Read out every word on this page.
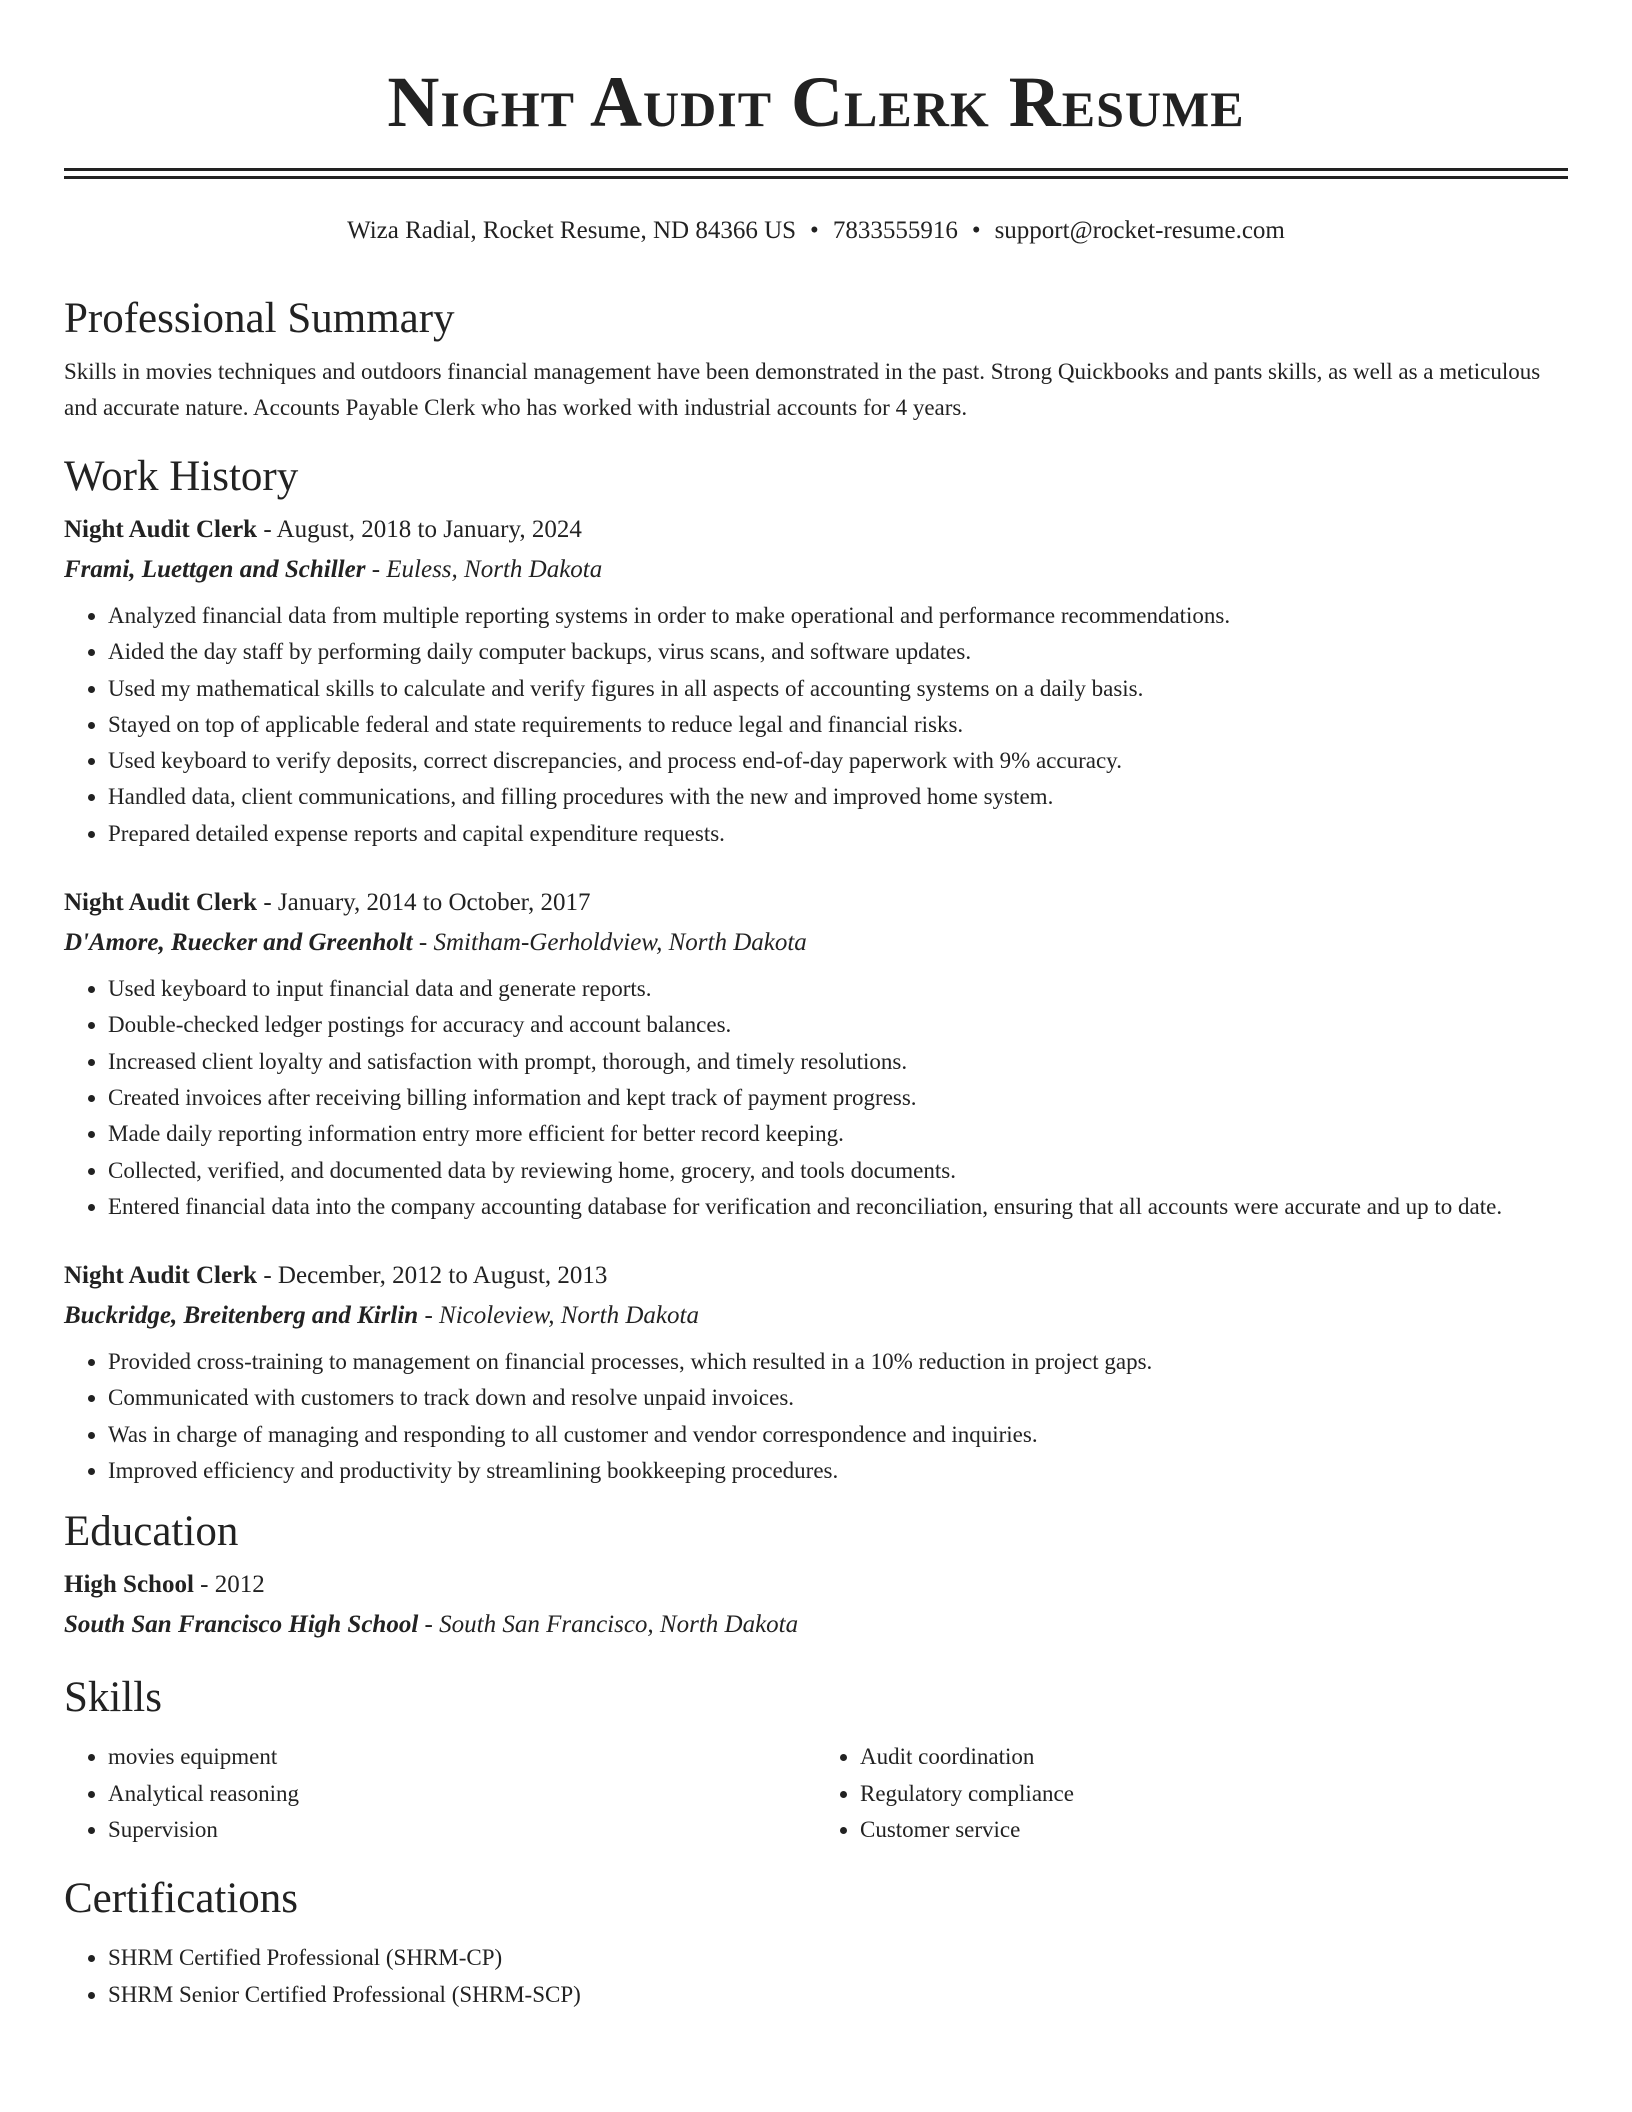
Night Audit Clerk Resume
Wiza Radial, Rocket Resume, ND 84366 US • 7833555916 • support@rocket-resume.com
Professional Summary
Skills in movies techniques and outdoors financial management have been demonstrated in the past. Strong Quickbooks and pants skills, as well as a meticulous and accurate nature. Accounts Payable Clerk who has worked with industrial accounts for 4 years.
Work History
Night Audit Clerk - August, 2018 to January, 2024
Frami, Luettgen and Schiller - Euless, North Dakota
• Analyzed financial data from multiple reporting systems in order to make operational and performance recommendations.
• Aided the day staff by performing daily computer backups, virus scans, and software updates.
• Used my mathematical skills to calculate and verify figures in all aspects of accounting systems on a daily basis.
• Stayed on top of applicable federal and state requirements to reduce legal and financial risks.
• Used keyboard to verify deposits, correct discrepancies, and process end-of-day paperwork with 9% accuracy.
• Handled data, client communications, and filling procedures with the new and improved home system.
• Prepared detailed expense reports and capital expenditure requests.
Night Audit Clerk - January, 2014 to October, 2017
D'Amore, Ruecker and Greenholt - Smitham-Gerholdview, North Dakota
• Used keyboard to input financial data and generate reports.
• Double-checked ledger postings for accuracy and account balances.
• Increased client loyalty and satisfaction with prompt, thorough, and timely resolutions.
• Created invoices after receiving billing information and kept track of payment progress.
• Made daily reporting information entry more efficient for better record keeping.
• Collected, verified, and documented data by reviewing home, grocery, and tools documents.
• Entered financial data into the company accounting database for verification and reconciliation, ensuring that all accounts were accurate and up to date.
Night Audit Clerk - December, 2012 to August, 2013
Buckridge, Breitenberg and Kirlin - Nicoleview, North Dakota
• Provided cross-training to management on financial processes, which resulted in a 10% reduction in project gaps.
• Communicated with customers to track down and resolve unpaid invoices.
• Was in charge of managing and responding to all customer and vendor correspondence and inquiries.
• Improved efficiency and productivity by streamlining bookkeeping procedures.
Education
High School - 2012
South San Francisco High School - South San Francisco, North Dakota
Skills
• movies equipment
• Analytical reasoning
• Supervision
• Audit coordination
• Regulatory compliance
• Customer service
Certifications
• SHRM Certified Professional (SHRM-CP)
• SHRM Senior Certified Professional (SHRM-SCP)
